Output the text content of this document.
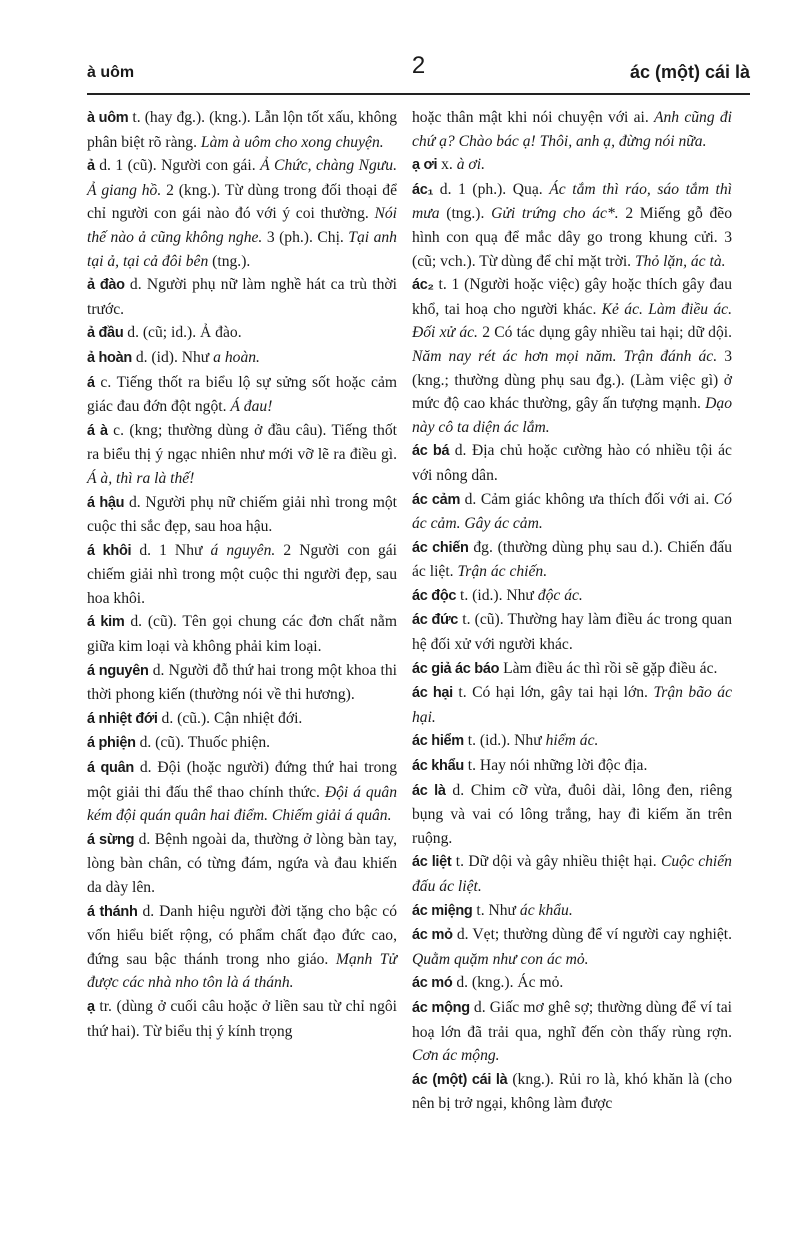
à uôm	2	ác (một) cái là

à uôm t. (hay đg.). (kng.). Lẫn lộn tốt xấu, không phân biệt rõ ràng. Làm à uôm cho xong chuyện.

ả d. 1 (cũ). Người con gái. Ả Chức, chàng Ngưu. Ả giang hồ. 2 (kng.). Từ dùng trong đối thoại để chỉ người con gái nào đó với ý coi thường. Nói thế nào ả cũng không nghe. 3 (ph.). Chị. Tại anh tại ả, tại cả đôi bên (tng.).

ả đào d. Người phụ nữ làm nghề hát ca trù thời trước.

ả đầu d. (cũ; id.). Ả đào.

ả hoàn d. (id). Như a hoàn.

á c. Tiếng thốt ra biểu lộ sự sửng sốt hoặc cảm giác đau đớn đột ngột. Á đau!

á à c. (kng; thường dùng ở đầu câu). Tiếng thốt ra biểu thị ý ngạc nhiên như mới vỡ lẽ ra điều gì. Á à, thì ra là thế!

á hậu d. Người phụ nữ chiếm giải nhì trong một cuộc thi sắc đẹp, sau hoa hậu.

á khôi d. 1 Như á nguyên. 2 Người con gái chiếm giải nhì trong một cuộc thi người đẹp, sau hoa khôi.

á kim d. (cũ). Tên gọi chung các đơn chất nằm giữa kim loại và không phải kim loại.

á nguyên d. Người đỗ thứ hai trong một khoa thi thời phong kiến (thường nói về thi hương).

á nhiệt đới d. (cũ.). Cận nhiệt đới.

á phiện d. (cũ). Thuốc phiện.

á quân d. Đội (hoặc người) đứng thứ hai trong một giải thi đấu thể thao chính thức. Đội á quân kém đội quán quân hai điểm. Chiếm giải á quân.

á sừng d. Bệnh ngoài da, thường ở lòng bàn tay, lòng bàn chân, có từng đám, ngứa và đau khiến da dày lên.

á thánh d. Danh hiệu người đời tặng cho bậc có vốn hiểu biết rộng, có phẩm chất đạo đức cao, đứng sau bậc thánh trong nho giáo. Mạnh Tử được các nhà nho tôn là á thánh.

ạ tr. (dùng ở cuối câu hoặc ở liền sau từ chỉ ngôi thứ hai). Từ biểu thị ý kính trọng

hoặc thân mật khi nói chuyện với ai. Anh cũng đi chứ ạ? Chào bác ạ! Thôi, anh ạ, đừng nói nữa.

ạ ơi x. à ơi.

ác₁ d. 1 (ph.). Quạ. Ác tắm thì ráo, sáo tắm thì mưa (tng.). Gửi trứng cho ác*. 2 Miếng gỗ đẽo hình con quạ để mắc dây go trong khung cửi. 3 (cũ; vch.). Từ dùng để chỉ mặt trời. Thỏ lặn, ác tà.

ác₂ t. 1 (Người hoặc việc) gây hoặc thích gây đau khổ, tai hoạ cho người khác. Kẻ ác. Làm điều ác. Đối xử ác. 2 Có tác dụng gây nhiều tai hại; dữ dội. Năm nay rét ác hơn mọi năm. Trận đánh ác. 3 (kng.; thường dùng phụ sau đg.). (Làm việc gì) ở mức độ cao khác thường, gây ấn tượng mạnh. Dạo này cô ta diện ác lắm.

ác bá d. Địa chủ hoặc cường hào có nhiều tội ác với nông dân.

ác cảm d. Cảm giác không ưa thích đối với ai. Có ác cảm. Gây ác cảm.

ác chiến đg. (thường dùng phụ sau d.). Chiến đấu ác liệt. Trận ác chiến.

ác độc t. (id.). Như độc ác.

ác đức t. (cũ). Thường hay làm điều ác trong quan hệ đối xử với người khác.

ác giả ác báo Làm điều ác thì rồi sẽ gặp điều ác.

ác hại t. Có hại lớn, gây tai hại lớn. Trận bão ác hại.

ác hiểm t. (id.). Như hiểm ác.

ác khẩu t. Hay nói những lời độc địa.

ác là d. Chim cỡ vừa, đuôi dài, lông đen, riêng bụng và vai có lông trắng, hay đi kiếm ăn trên ruộng.

ác liệt t. Dữ dội và gây nhiều thiệt hại. Cuộc chiến đấu ác liệt.

ác miệng t. Như ác khẩu.

ác mỏ d. Vẹt; thường dùng để ví người cay nghiệt. Quằm quặm như con ác mỏ.

ác mó d. (kng.). Ác mỏ.

ác mộng d. Giấc mơ ghê sợ; thường dùng để ví tai hoạ lớn đã trải qua, nghĩ đến còn thấy rùng rợn. Cơn ác mộng.

ác (một) cái là (kng.). Rủi ro là, khó khăn là (cho nên bị trở ngại, không làm được
